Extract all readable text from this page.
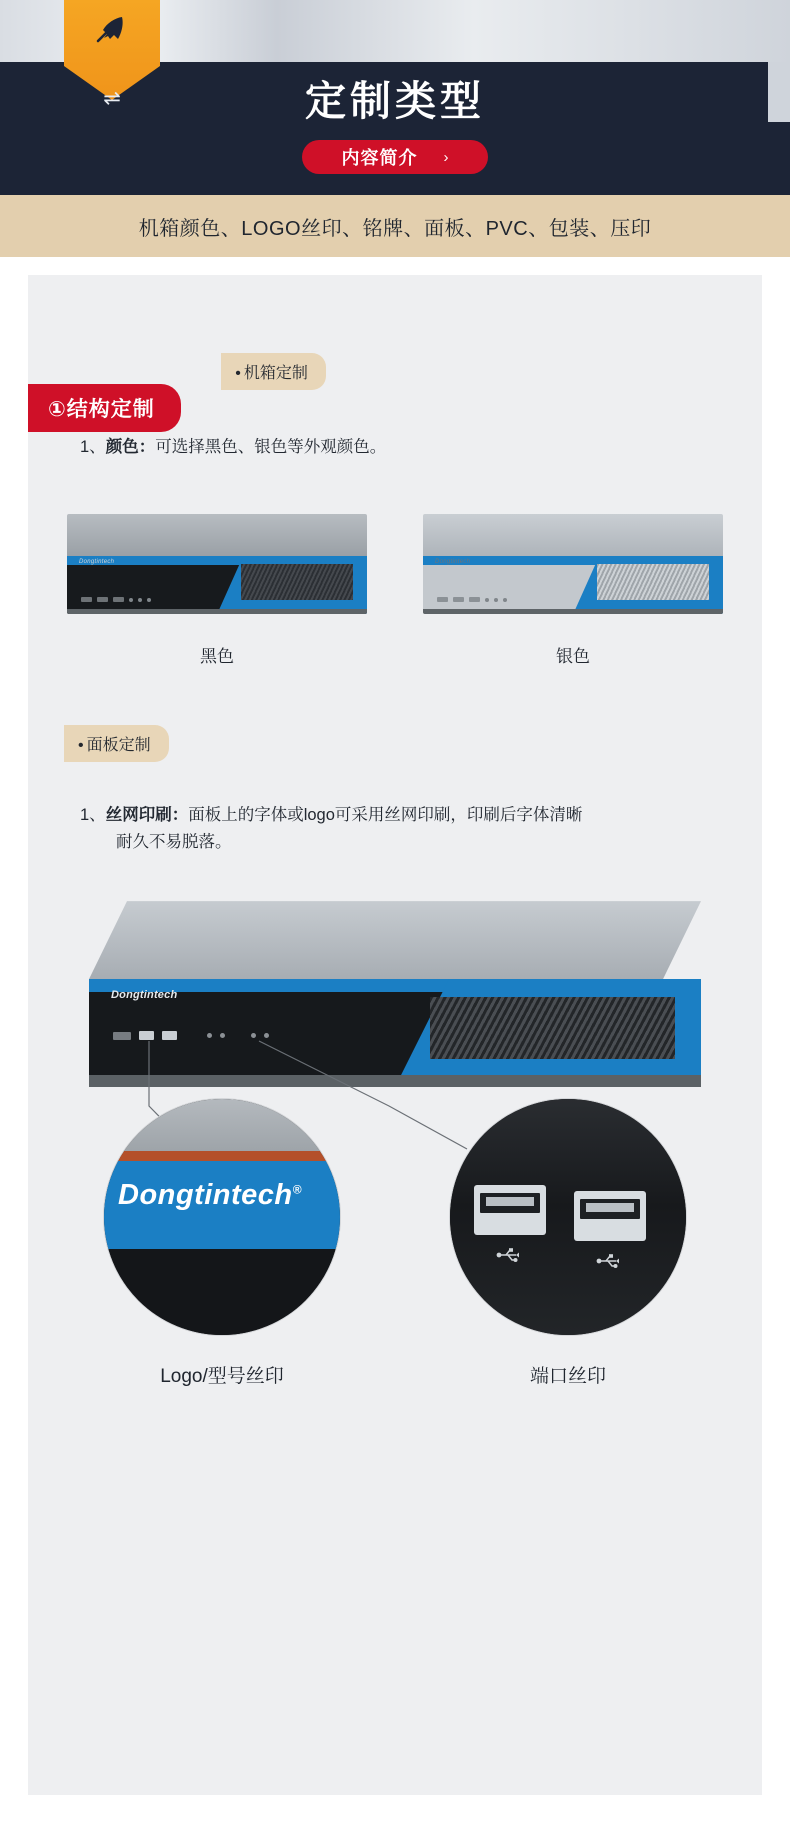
⇌	定制类型
内容简介 ›
机箱颜色、LOGO丝印、铭牌、面板、PVC、包装、压印
①结构定制 • 机箱定制
1、颜色：可选择黑色、银色等外观颜色。
Dongtintech
黑色
Dongtintech
银色
• 面板定制
1、丝网印刷：面板上的字体或logo可采用丝网印刷，印刷后字体清晰
耐久不易脱落。
Dongtintech
Dongtintech®
Logo/型号丝印	端口丝印
